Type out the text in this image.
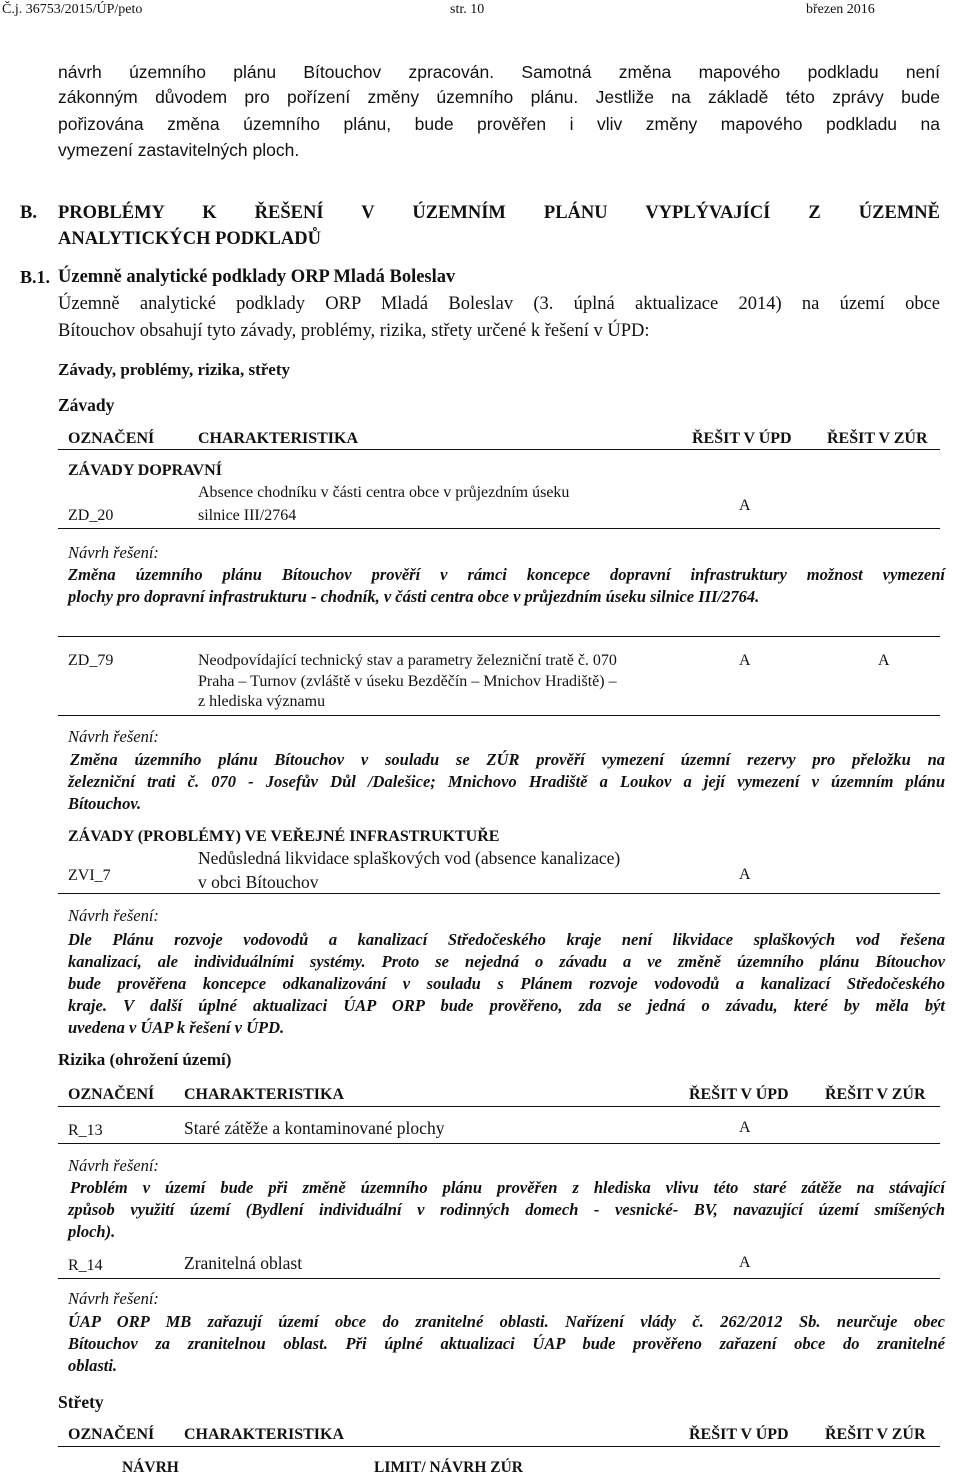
Č.j. 36753/2015/ÚP/peto	str. 10	březen 2016
návrh územního plánu Bítouchov zpracován. Samotná změna mapového podkladu není
zákonným důvodem pro pořízení změny územního plánu. Jestliže na základě této zprávy bude
pořizována změna územního plánu, bude prověřen i vliv změny mapového podkladu na
vymezení zastavitelných ploch.
B. PROBLÉMY K ŘEŠENÍ V ÚZEMNÍM PLÁNU VYPLÝVAJÍCÍ Z ÚZEMNĚ
ANALYTICKÝCH PODKLADŮ
B.1. Územně analytické podklady ORP Mladá Boleslav
Územně analytické podklady ORP Mladá Boleslav (3. úplná aktualizace 2014) na území obce
Bítouchov obsahují tyto závady, problémy, rizika, střety určené k řešení v ÚPD:
Závady, problémy, rizika, střety
Závady
OZNAČENÍ	CHARAKTERISTIKA	ŘEŠIT V ÚPD ŘEŠIT V ZÚR
ZÁVADY DOPRAVNÍ
ZD_20
Absence chodníku v části centra obce v průjezdním úseku
silnice III/2764
A
Návrh řešení:
Změna územního plánu Bítouchov prověří v rámci koncepce dopravní infrastruktury možnost vymezení
plochy pro dopravní infrastrukturu - chodník, v části centra obce v průjezdním úseku silnice III/2764.
ZD_79	Neodpovídající technický stav a parametry železniční tratě č. 070
Praha – Turnov (zvláště v úseku Bezděčín – Mnichov Hradiště) –
z hlediska významu
A	A
Návrh řešení:
Změna územního plánu Bítouchov v souladu se ZÚR prověří vymezení územní rezervy pro přeložku na
železniční trati č. 070 - Josefův Důl /Dalešice; Mnichovo Hradiště a Loukov a její vymezení v územním plánu
Bítouchov.
ZÁVADY (PROBLÉMY) VE VEŘEJNÉ INFRASTRUKTUŘE
ZVI_7
Nedůsledná likvidace splaškových vod (absence kanalizace)
v obci Bítouchov	A
Návrh řešení:
Dle Plánu rozvoje vodovodů a kanalizací Středočeského kraje není likvidace splaškových vod řešena
kanalizací, ale individuálními systémy. Proto se nejedná o závadu a ve změně územního plánu Bítouchov
bude prověřena koncepce odkanalizování v souladu s Plánem rozvoje vodovodů a kanalizací Středočeského
kraje. V další úplné aktualizaci ÚAP ORP bude prověřeno, zda se jedná o závadu, které by měla být
uvedena v ÚAP k řešení v ÚPD.
Rizika (ohrožení území)
OZNAČENÍ CHARAKTERISTIKA	ŘEŠIT V ÚPD ŘEŠIT V ZÚR
R_13	Staré zátěže a kontaminované plochy	A
Návrh řešení:
Problém v území bude při změně územního plánu prověřen z hlediska vlivu této staré zátěže na stávající
způsob využití území (Bydlení individuální v rodinných domech - vesnické- BV, navazující území smíšených
ploch).
R_14	Zranitelná oblast	A
Návrh řešení:
ÚAP ORP MB zařazují území obce do zranitelné oblasti. Nařízení vlády č. 262/2012 Sb. neurčuje obec
Bítouchov za zranitelnou oblast. Při úplné aktualizaci ÚAP bude prověřeno zařazení obce do zranitelné
oblasti.
Střety
OZNAČENÍ CHARAKTERISTIKA	ŘEŠIT V ÚPD ŘEŠIT V ZÚR
NÁVRH	LIMIT/ NÁVRH ZÚR
